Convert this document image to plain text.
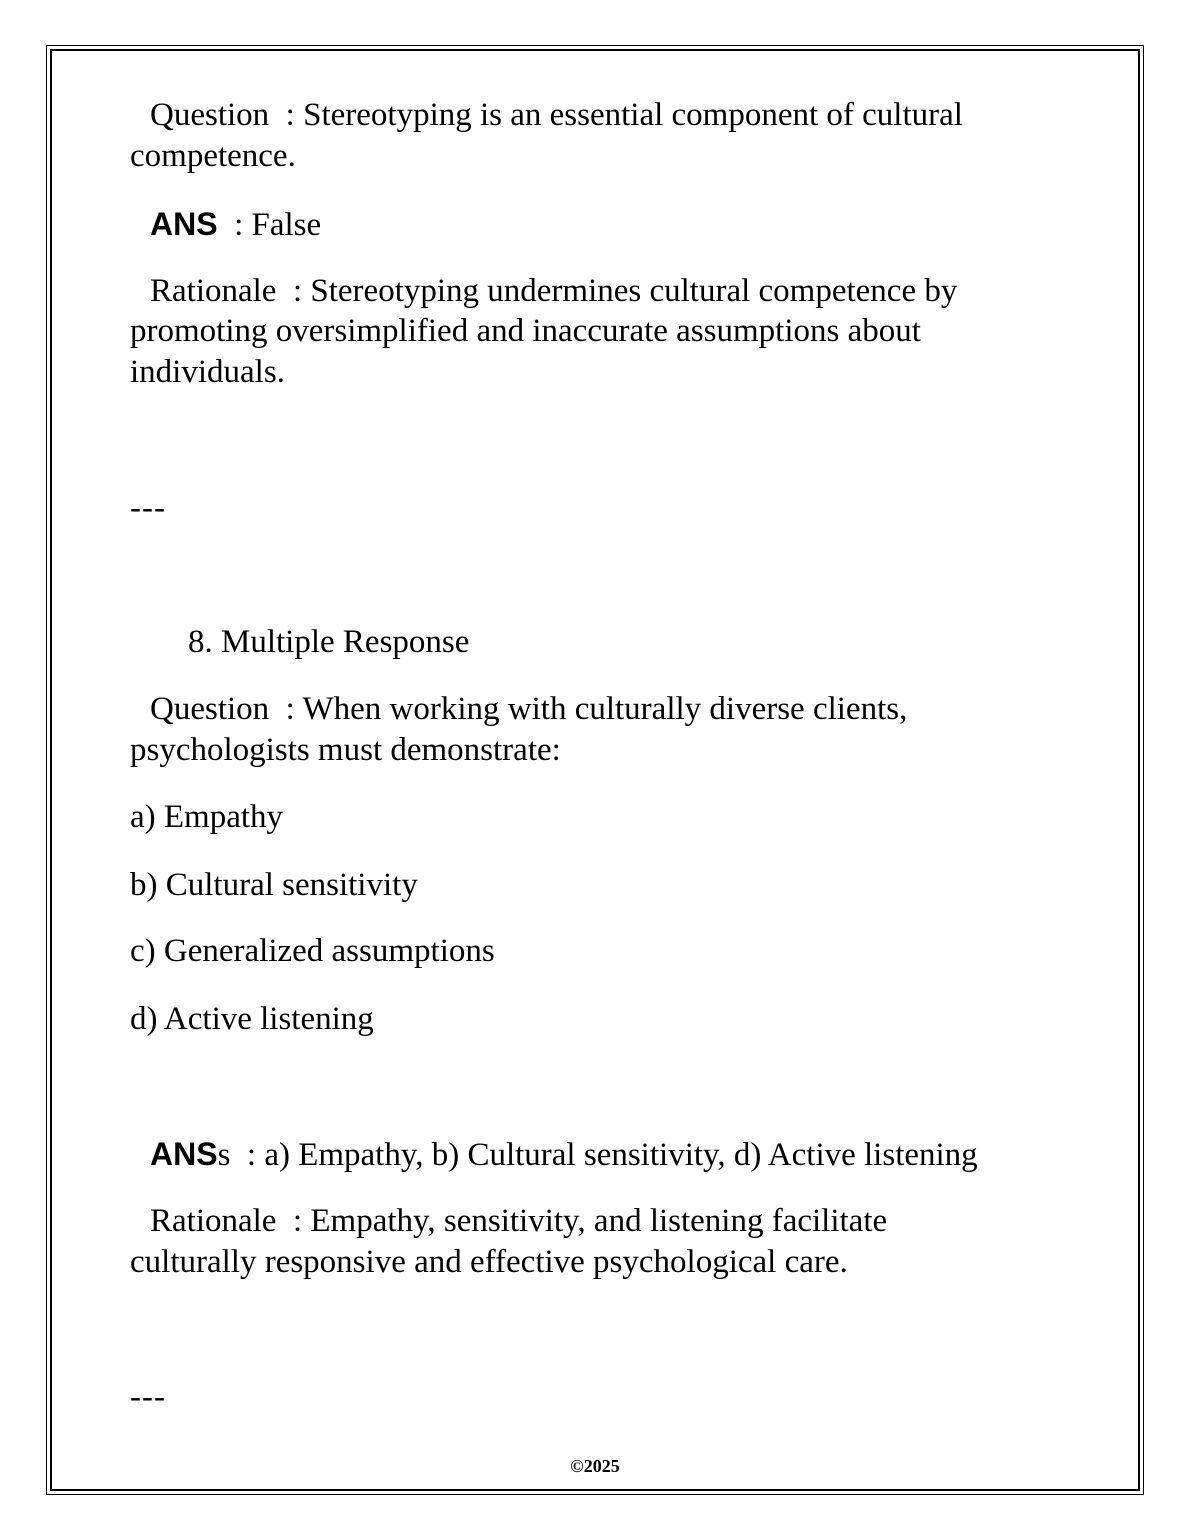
Question : Stereotyping is an essential component of cultural
competence.
ANS : False
Rationale : Stereotyping undermines cultural competence by
promoting oversimplified and inaccurate assumptions about
individuals.
---
8. Multiple Response
Question : When working with culturally diverse clients,
psychologists must demonstrate:
a) Empathy
b) Cultural sensitivity
c) Generalized assumptions
d) Active listening
ANSs : a) Empathy, b) Cultural sensitivity, d) Active listening
Rationale : Empathy, sensitivity, and listening facilitate
culturally responsive and effective psychological care.
---
©2025
